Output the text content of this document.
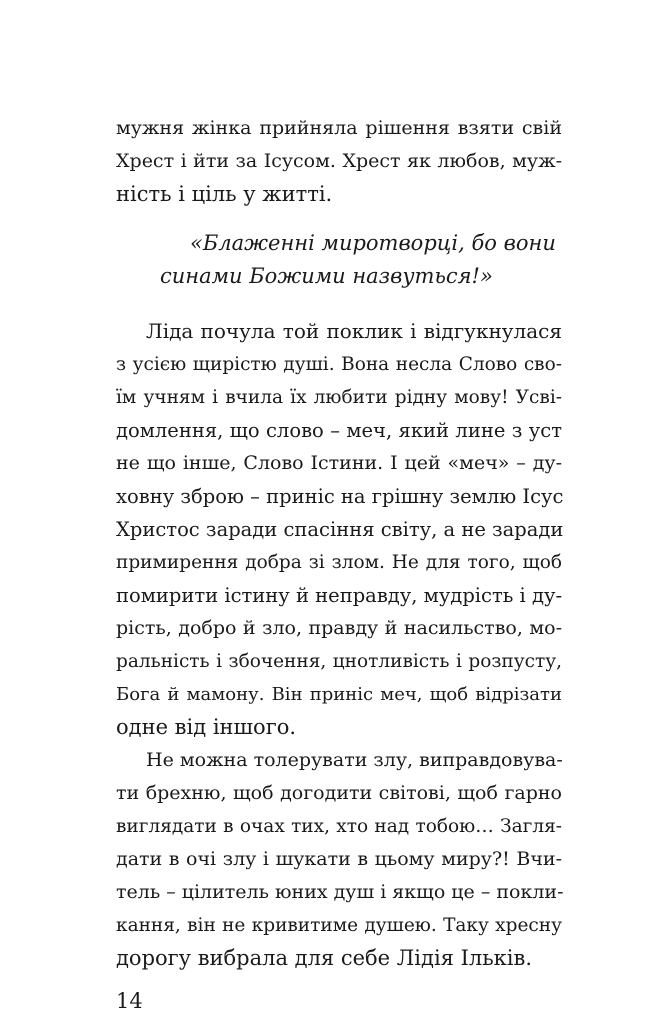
мужня жінка прийняла рішення взяти свій
Хрест і йти за Ісусом. Хрест як любов, муж-
ність і ціль у житті.
«Блаженні миротворці, бо вони
синами Божими назвуться!»
Ліда почула той поклик і відгукнулася
з усією щирістю душі. Вона несла Слово сво-
їм учням і вчила їх любити рідну мову! Усві-
домлення, що слово – меч, який лине з уст
не що інше, Слово Істини. І цей «меч» – ду-
ховну зброю – приніс на грішну землю Ісус
Христос заради спасіння світу, а не заради
примирення добра зі злом. Не для того, щоб
помирити істину й неправду, мудрість і ду-
рість, добро й зло, правду й насильство, мо-
ральність і збочення, цнотливість і розпусту,
Бога й мамону. Він приніс меч, щоб відрізати
одне від іншого.
Не можна толерувати злу, виправдовува-
ти брехню, щоб догодити світові, щоб гарно
виглядати в очах тих, хто над тобою… Загля-
дати в очі злу і шукати в цьому миру?! Вчи-
тель – цілитель юних душ і якщо це – покли-
кання, він не кривитиме душею. Таку хресну
дорогу вибрала для себе Лідія Ільків.
14
